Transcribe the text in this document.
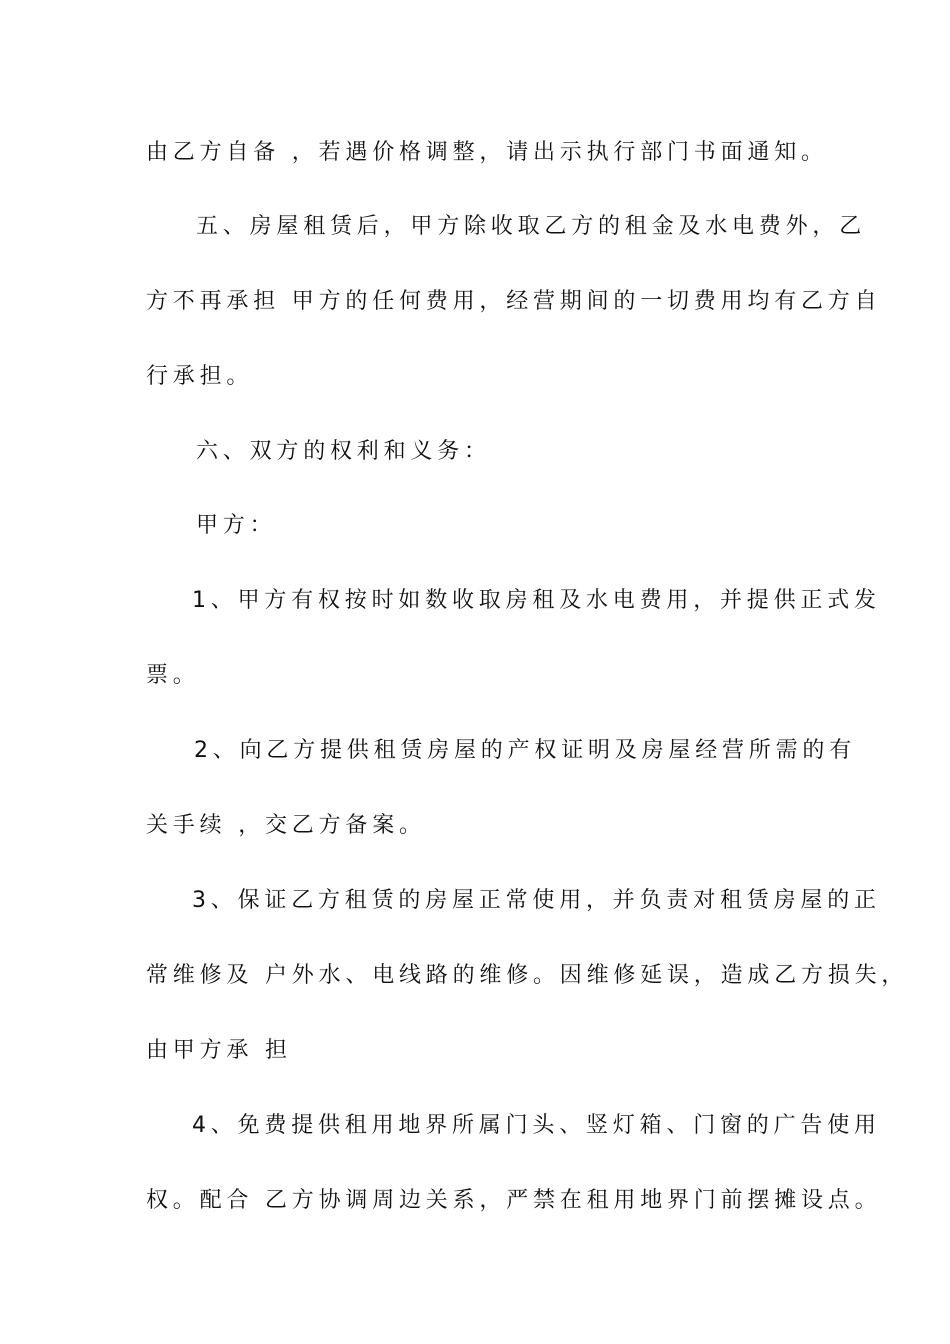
由乙方自备 ，若遇价格调整，请出示执行部门书面通知。
五、房屋租赁后，甲方除收取乙方的租金及水电费外，乙
方不再承担 甲方的任何费用，经营期间的一切费用均有乙方自
行承担。
六、双方的权利和义务：
甲方：
1、甲方有权按时如数收取房租及水电费用，并提供正式发
票。
2、向乙方提供租赁房屋的产权证明及房屋经营所需的有
关手续 ，交乙方备案。
3、保证乙方租赁的房屋正常使用，并负责对租赁房屋的正
常维修及 户外水、电线路的维修。因维修延误，造成乙方损失，
由甲方承 担
4、免费提供租用地界所属门头、竖灯箱、门窗的广告使用
权。配合 乙方协调周边关系，严禁在租用地界门前摆摊设点。
